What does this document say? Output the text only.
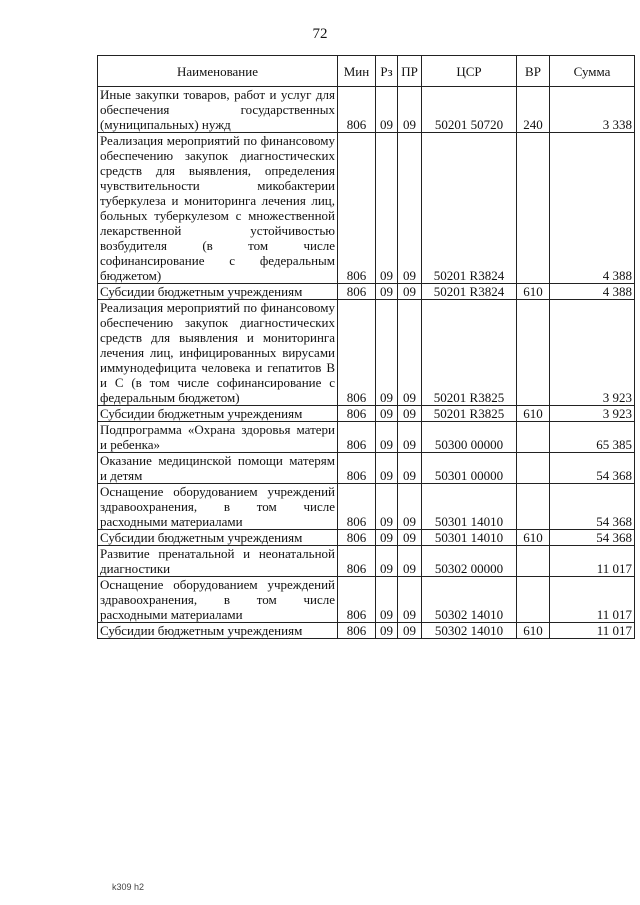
72
Наименование	Мин	Рз	ПР	ЦСР	ВР	Сумма
Иные закупки товаров, работ и услуг для обеспечения государственных (муниципальных) нужд	806	09	09	50201 50720	240	3 338
Реализация мероприятий по финансовому обеспечению закупок диагностических средств для выявления, определения чувствительности микобактерии туберкулеза и мониторинга лечения лиц, больных туберкулезом с множественной лекарственной устойчивостью возбудителя (в том числе софинансирование с федеральным бюджетом)	806	09	09	50201 R3824		4 388
Субсидии бюджетным учреждениям	806	09	09	50201 R3824	610	4 388
Реализация мероприятий по финансовому обеспечению закупок диагностических средств для выявления и мониторинга лечения лиц, инфицированных вирусами иммунодефицита человека и гепатитов В и С (в том числе софинансирование с федеральным бюджетом)	806	09	09	50201 R3825		3 923
Субсидии бюджетным учреждениям	806	09	09	50201 R3825	610	3 923
Подпрограмма «Охрана здоровья матери и ребенка»	806	09	09	50300 00000		65 385
Оказание медицинской помощи матерям и детям	806	09	09	50301 00000		54 368
Оснащение оборудованием учреждений здравоохранения, в том числе расходными материалами	806	09	09	50301 14010		54 368
Субсидии бюджетным учреждениям	806	09	09	50301 14010	610	54 368
Развитие пренатальной и неонатальной диагностики	806	09	09	50302 00000		11 017
Оснащение оборудованием учреждений здравоохранения, в том числе расходными материалами	806	09	09	50302 14010		11 017
Субсидии бюджетным учреждениям	806	09	09	50302 14010	610	11 017
k309 h2
